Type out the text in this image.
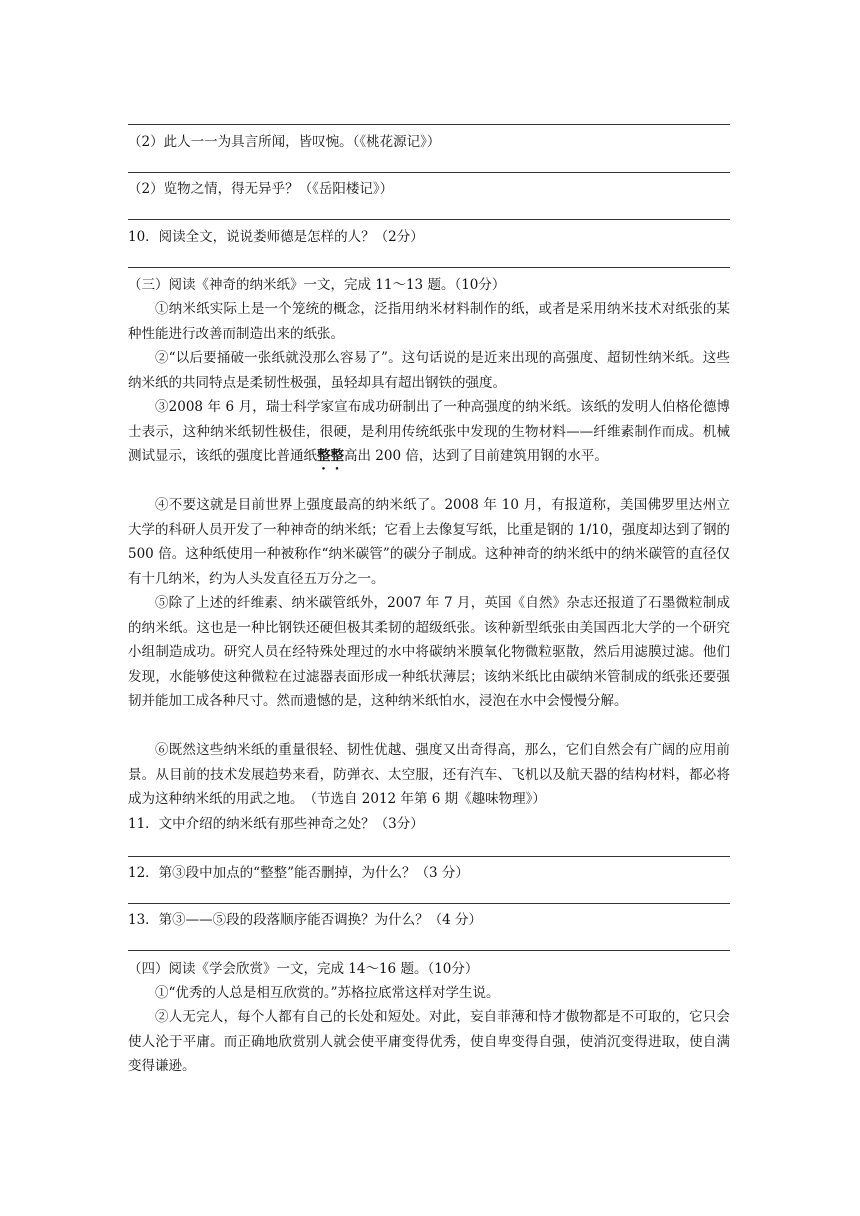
（2）此人一一为具言所闻，皆叹惋。（《桃花源记》）
（2）览物之情，得无异乎？（《岳阳楼记》）
10．阅读全文，说说娄师德是怎样的人？（2分）
（三）阅读《神奇的纳米纸》一文，完成 11～13 题。（10分）
①纳米纸实际上是一个笼统的概念，泛指用纳米材料制作的纸，或者是采用纳米技术对纸张的某种性能进行改善而制造出来的纸张。
②“以后要捅破一张纸就没那么容易了”。这句话说的是近来出现的高强度、超韧性纳米纸。这些纳米纸的共同特点是柔韧性极强，虽轻却具有超出钢铁的强度。
③2008 年 6 月，瑞士科学家宣布成功研制出了一种高强度的纳米纸。该纸的发明人伯格伦德博士表示，这种纳米纸韧性极佳，很硬，是利用传统纸张中发现的生物材料——纤维素制作而成。机械测试显示，该纸的强度比普通纸整整高出 200 倍，达到了目前建筑用钢的水平。
④不要这就是目前世界上强度最高的纳米纸了。2008 年 10 月，有报道称，美国佛罗里达州立大学的科研人员开发了一种神奇的纳米纸；它看上去像复写纸，比重是钢的 1/10，强度却达到了钢的 500 倍。这种纸使用一种被称作“纳米碳管”的碳分子制成。这种神奇的纳米纸中的纳米碳管的直径仅有十几纳米，约为人头发直径五万分之一。
⑤除了上述的纤维素、纳米碳管纸外，2007 年 7 月，英国《自然》杂志还报道了石墨微粒制成的纳米纸。这也是一种比钢铁还硬但极其柔韧的超级纸张。该种新型纸张由美国西北大学的一个研究小组制造成功。研究人员在经特殊处理过的水中将碳纳米膜氧化物微粒驱散，然后用滤膜过滤。他们发现，水能够使这种微粒在过滤器表面形成一种纸状薄层；该纳米纸比由碳纳米管制成的纸张还要强韧并能加工成各种尺寸。然而遗憾的是，这种纳米纸怕水，浸泡在水中会慢慢分解。
⑥既然这些纳米纸的重量很轻、韧性优越、强度又出奇得高，那么，它们自然会有广阔的应用前景。从目前的技术发展趋势来看，防弹衣、太空服，还有汽车、飞机以及航天器的结构材料，都必将成为这种纳米纸的用武之地。　（节选自 2012 年第 6 期《趣味物理》）
11．文中介绍的纳米纸有那些神奇之处？（3分）
12．第③段中加点的“整整”能否删掉，为什么？（3 分）
13．第③——⑤段的段落顺序能否调换？为什么？（4 分）
（四）阅读《学会欣赏》一文，完成 14～16 题。（10分）
①“优秀的人总是相互欣赏的。”苏格拉底常这样对学生说。
②人无完人，每个人都有自己的长处和短处。对此，妄自菲薄和恃才傲物都是不可取的，它只会使人沦于平庸。而正确地欣赏别人就会使平庸变得优秀，使自卑变得自强，使消沉变得进取，使自满变得谦逊。
